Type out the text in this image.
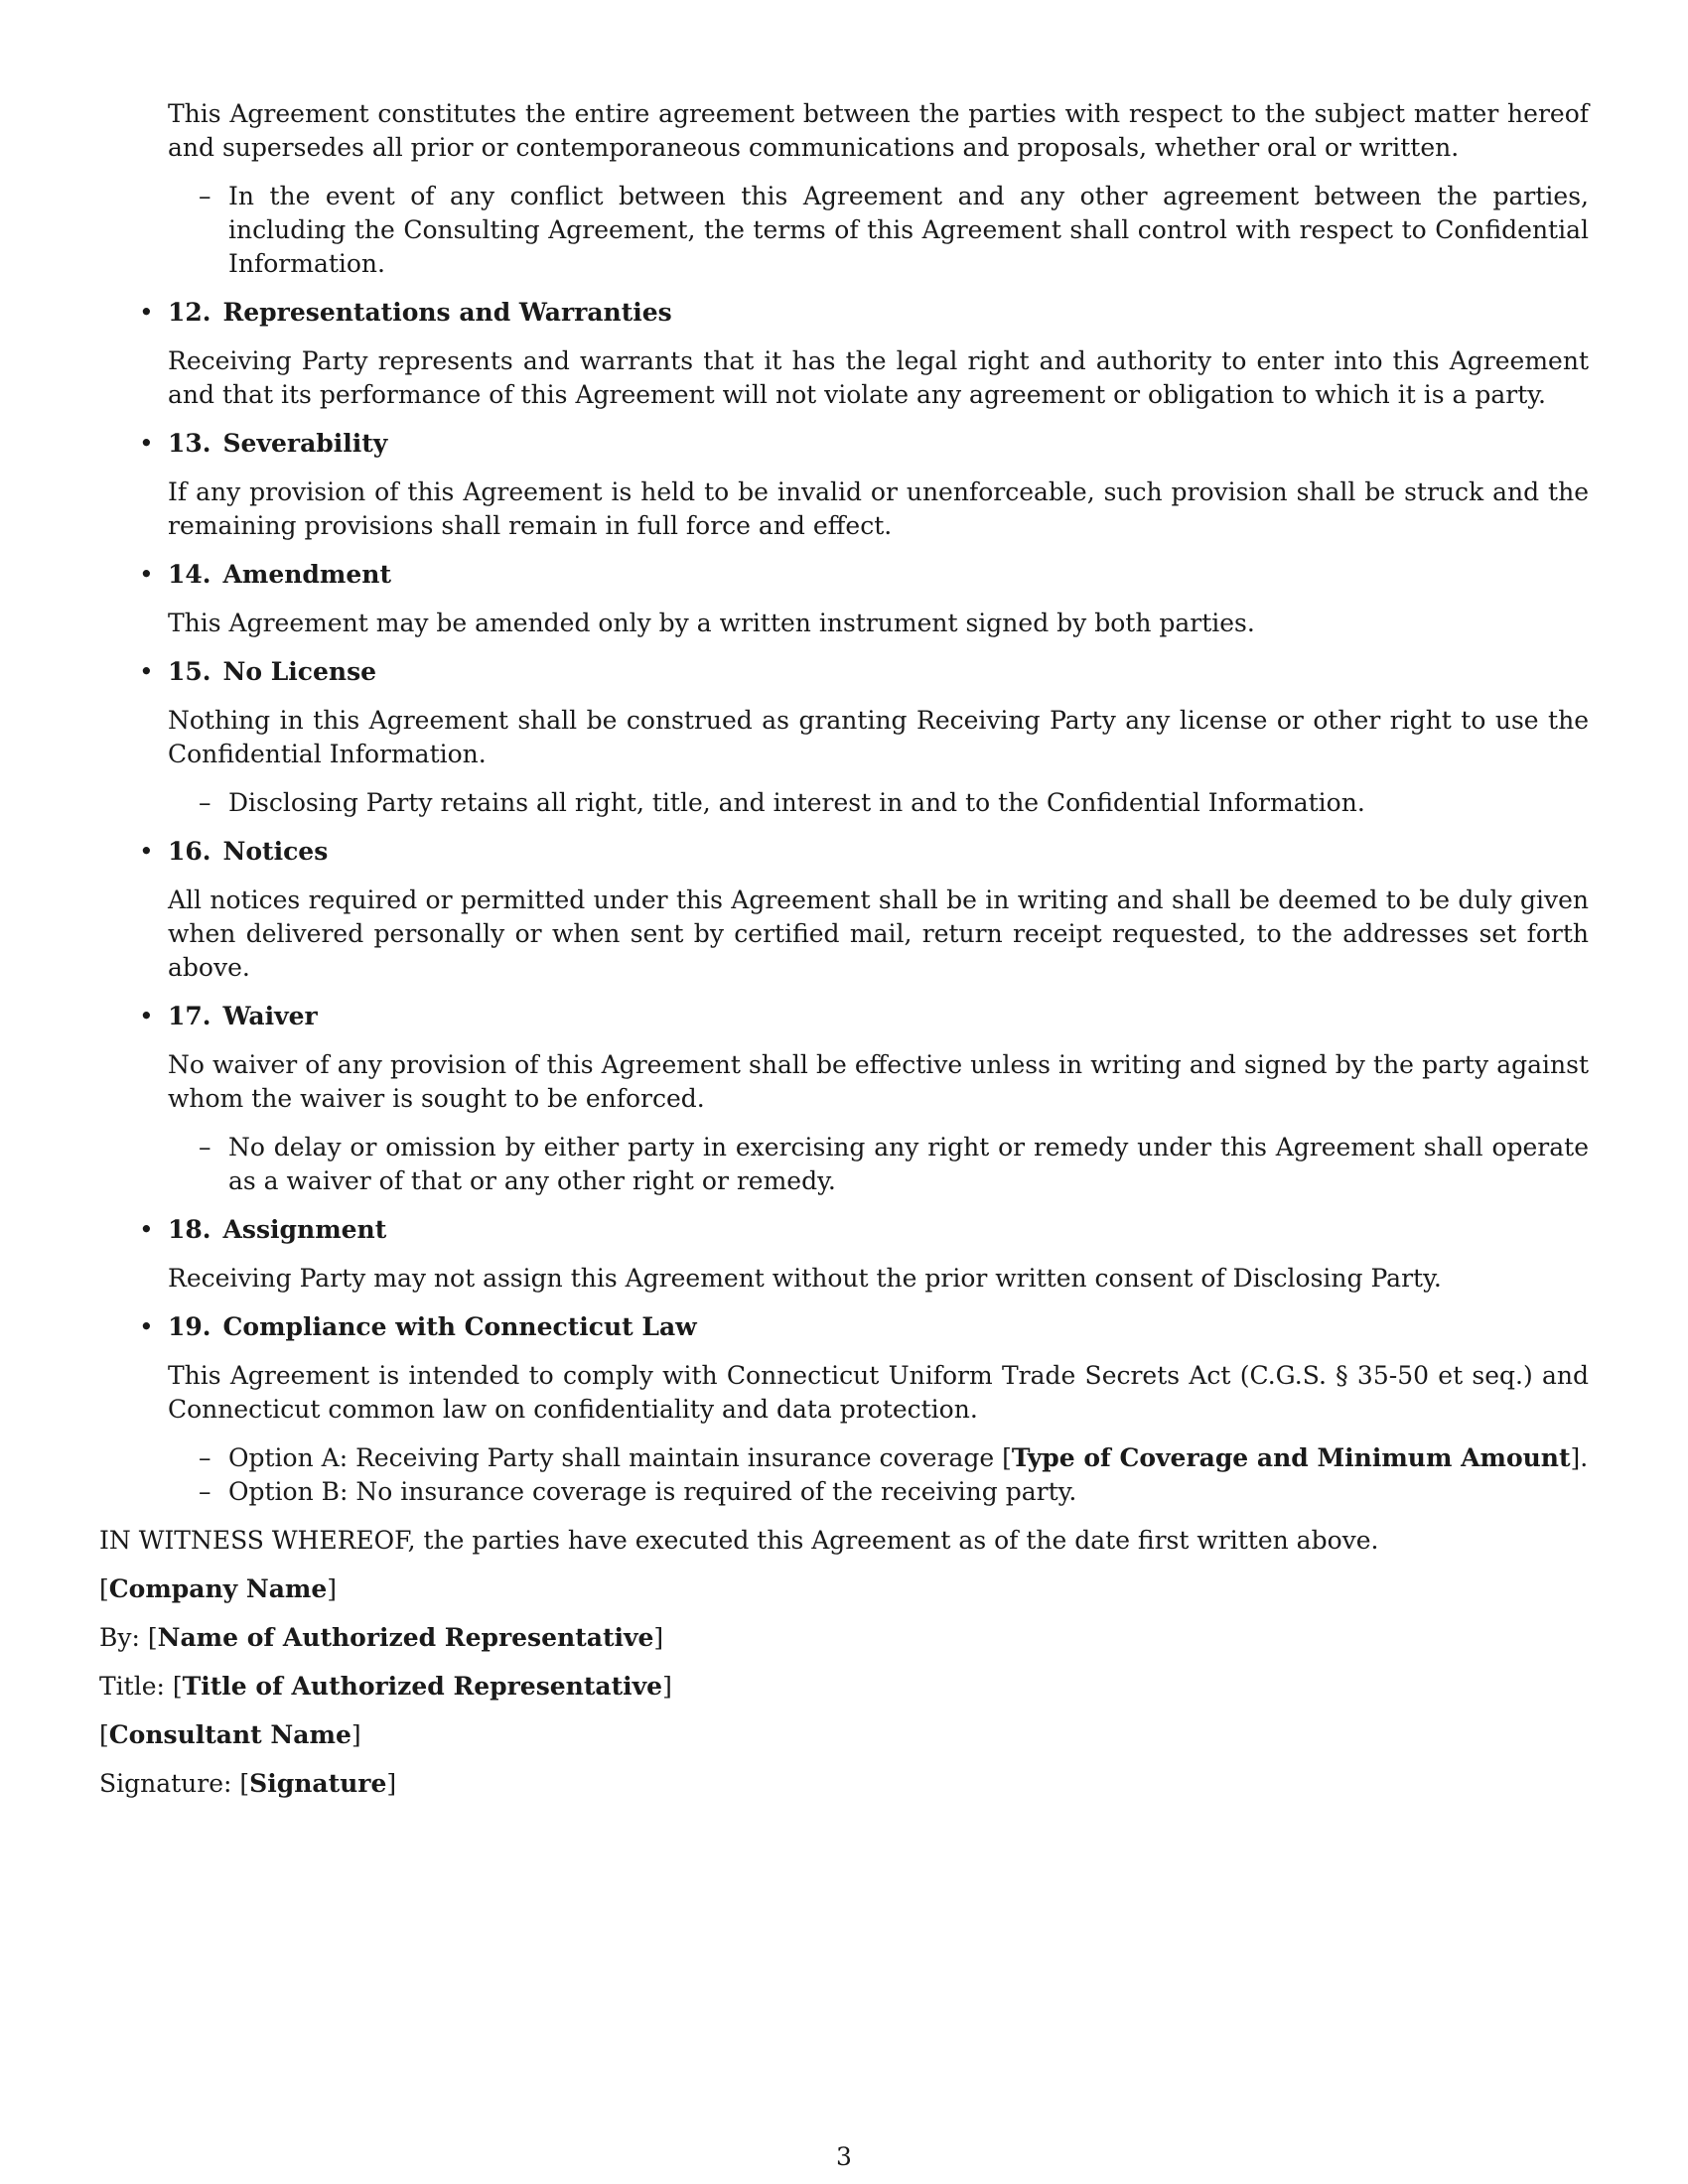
This Agreement constitutes the entire agreement between the parties with respect to the subject matter hereof and supersedes all prior or contemporaneous communications and proposals, whether oral or written.

– In the event of any conflict between this Agreement and any other agreement between the parties, including the Consulting Agreement, the terms of this Agreement shall control with respect to Confidential Information.

• 12. Representations and Warranties

Receiving Party represents and warrants that it has the legal right and authority to enter into this Agreement and that its performance of this Agreement will not violate any agreement or obligation to which it is a party.

• 13. Severability

If any provision of this Agreement is held to be invalid or unenforceable, such provision shall be struck and the remaining provisions shall remain in full force and effect.

• 14. Amendment

This Agreement may be amended only by a written instrument signed by both parties.

• 15. No License

Nothing in this Agreement shall be construed as granting Receiving Party any license or other right to use the Confidential Information.

– Disclosing Party retains all right, title, and interest in and to the Confidential Information.

• 16. Notices

All notices required or permitted under this Agreement shall be in writing and shall be deemed to be duly given when delivered personally or when sent by certified mail, return receipt requested, to the addresses set forth above.

• 17. Waiver

No waiver of any provision of this Agreement shall be effective unless in writing and signed by the party against whom the waiver is sought to be enforced.

– No delay or omission by either party in exercising any right or remedy under this Agreement shall operate as a waiver of that or any other right or remedy.

• 18. Assignment

Receiving Party may not assign this Agreement without the prior written consent of Disclosing Party.

• 19. Compliance with Connecticut Law

This Agreement is intended to comply with Connecticut Uniform Trade Secrets Act (C.G.S. § 35-50 et seq.) and Connecticut common law on confidentiality and data protection.

– Option A: Receiving Party shall maintain insurance coverage [Type of Coverage and Minimum Amount].

– Option B: No insurance coverage is required of the receiving party.

IN WITNESS WHEREOF, the parties have executed this Agreement as of the date first written above.

[Company Name]

By: [Name of Authorized Representative]

Title: [Title of Authorized Representative]

[Consultant Name]

Signature: [Signature]

3
